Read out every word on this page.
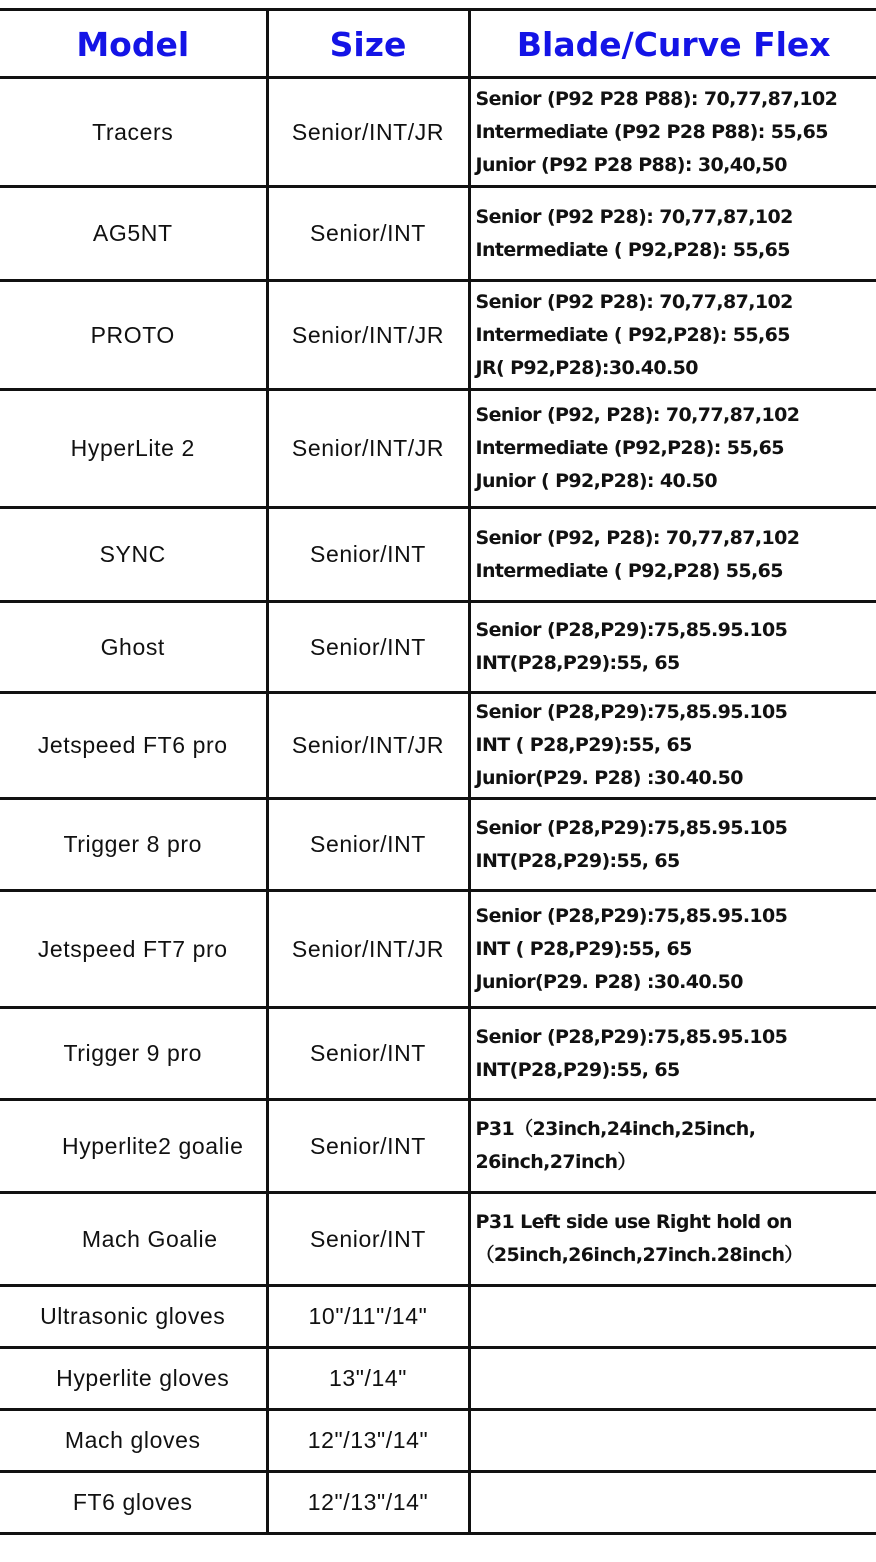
Model	Size	Blade/Curve Flex
Tracers	Senior/INT/JR	Senior (P92 P28 P88): 70,77,87,102
Intermediate (P92 P28 P88): 55,65
Junior (P92 P28 P88): 30,40,50

AG5NT	Senior/INT	Senior (P92 P28): 70,77,87,102
Intermediate ( P92,P28): 55,65

PROTO	Senior/INT/JR	Senior (P92 P28): 70,77,87,102
Intermediate ( P92,P28): 55,65
JR( P92,P28):30.40.50

HyperLite 2	Senior/INT/JR	Senior (P92, P28): 70,77,87,102
Intermediate (P92,P28): 55,65
Junior ( P92,P28): 40.50

SYNC	Senior/INT	Senior (P92, P28): 70,77,87,102
Intermediate ( P92,P28) 55,65

Ghost	Senior/INT	Senior (P28,P29):75,85.95.105
INT(P28,P29):55, 65

Jetspeed FT6 pro	Senior/INT/JR	Senior (P28,P29):75,85.95.105
INT ( P28,P29):55, 65
Junior(P29. P28) :30.40.50

Trigger 8 pro	Senior/INT	Senior (P28,P29):75,85.95.105
INT(P28,P29):55, 65

Jetspeed FT7 pro	Senior/INT/JR	Senior (P28,P29):75,85.95.105
INT ( P28,P29):55, 65
Junior(P29. P28) :30.40.50

Trigger 9 pro	Senior/INT	Senior (P28,P29):75,85.95.105
INT(P28,P29):55, 65

Hyperlite2 goalie	Senior/INT	P31（23inch,24inch,25inch,
26inch,27inch）

Mach Goalie	Senior/INT	P31 Left side use Right hold on
（25inch,26inch,27inch.28inch）

Ultrasonic gloves	10"/11"/14"	
Hyperlite gloves	13"/14"	
Mach gloves	12"/13"/14"	
FT6 gloves	12"/13"/14"	
